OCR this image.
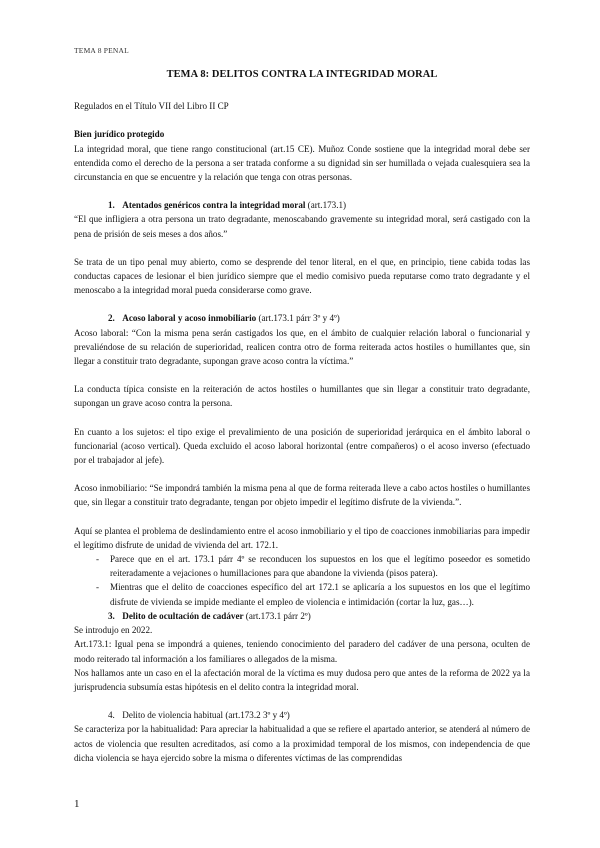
TEMA 8 PENAL

TEMA 8: DELITOS CONTRA LA INTEGRIDAD MORAL

Regulados en el Título VII del Libro II CP

Bien jurídico protegido

La integridad moral, que tiene rango constitucional (art.15 CE). Muñoz Conde sostiene que la integridad moral debe ser entendida como el derecho de la persona a ser tratada conforme a su dignidad sin ser humillada o vejada cualesquiera sea la circunstancia en que se encuentre y la relación que tenga con otras personas.

1. Atentados genéricos contra la integridad moral (art.173.1)

“El que infligiera a otra persona un trato degradante, menoscabando gravemente su integridad moral, será castigado con la pena de prisión de seis meses a dos años.”

Se trata de un tipo penal muy abierto, como se desprende del tenor literal, en el que, en principio, tiene cabida todas las conductas capaces de lesionar el bien jurídico siempre que el medio comisivo pueda reputarse como trato degradante y el menoscabo a la integridad moral pueda considerarse como grave.

2. Acoso laboral y acoso inmobiliario (art.173.1 párr 3º y 4º)

Acoso laboral: “Con la misma pena serán castigados los que, en el ámbito de cualquier relación laboral o funcionarial y prevaliéndose de su relación de superioridad, realicen contra otro de forma reiterada actos hostiles o humillantes que, sin llegar a constituir trato degradante, supongan grave acoso contra la víctima.”

La conducta típica consiste en la reiteración de actos hostiles o humillantes que sin llegar a constituir trato degradante, supongan un grave acoso contra la persona.

En cuanto a los sujetos: el tipo exige el prevalimiento de una posición de superioridad jerárquica en el ámbito laboral o funcionarial (acoso vertical). Queda excluido el acoso laboral horizontal (entre compañeros) o el acoso inverso (efectuado por el trabajador al jefe).

Acoso inmobiliario: “Se impondrá también la misma pena al que de forma reiterada lleve a cabo actos hostiles o humillantes que, sin llegar a constituir trato degradante, tengan por objeto impedir el legítimo disfrute de la vivienda.”.

Aquí se plantea el problema de deslindamiento entre el acoso inmobiliario y el tipo de coacciones inmobiliarias para impedir el legítimo disfrute de unidad de vivienda del art. 172.1.

- Parece que en el art. 173.1 párr 4º se reconducen los supuestos en los que el legítimo poseedor es sometido reiteradamente a vejaciones o humillaciones para que abandone la vivienda (pisos patera).
- Mientras que el delito de coacciones específico del art 172.1 se aplicaría a los supuestos en los que el legítimo disfrute de vivienda se impide mediante el empleo de violencia e intimidación (cortar la luz, gas…).

3. Delito de ocultación de cadáver (art.173.1 párr 2º)

Se introdujo en 2022.

Art.173.1: Igual pena se impondrá a quienes, teniendo conocimiento del paradero del cadáver de una persona, oculten de modo reiterado tal información a los familiares o allegados de la misma.

Nos hallamos ante un caso en el la afectación moral de la víctima es muy dudosa pero que antes de la reforma de 2022 ya la jurisprudencia subsumía estas hipótesis en el delito contra la integridad moral.

4. Delito de violencia habitual (art.173.2 3º y 4º)

Se caracteriza por la habitualidad: Para apreciar la habitualidad a que se refiere el apartado anterior, se atenderá al número de actos de violencia que resulten acreditados, así como a la proximidad temporal de los mismos, con independencia de que dicha violencia se haya ejercido sobre la misma o diferentes víctimas de las comprendidas

1
